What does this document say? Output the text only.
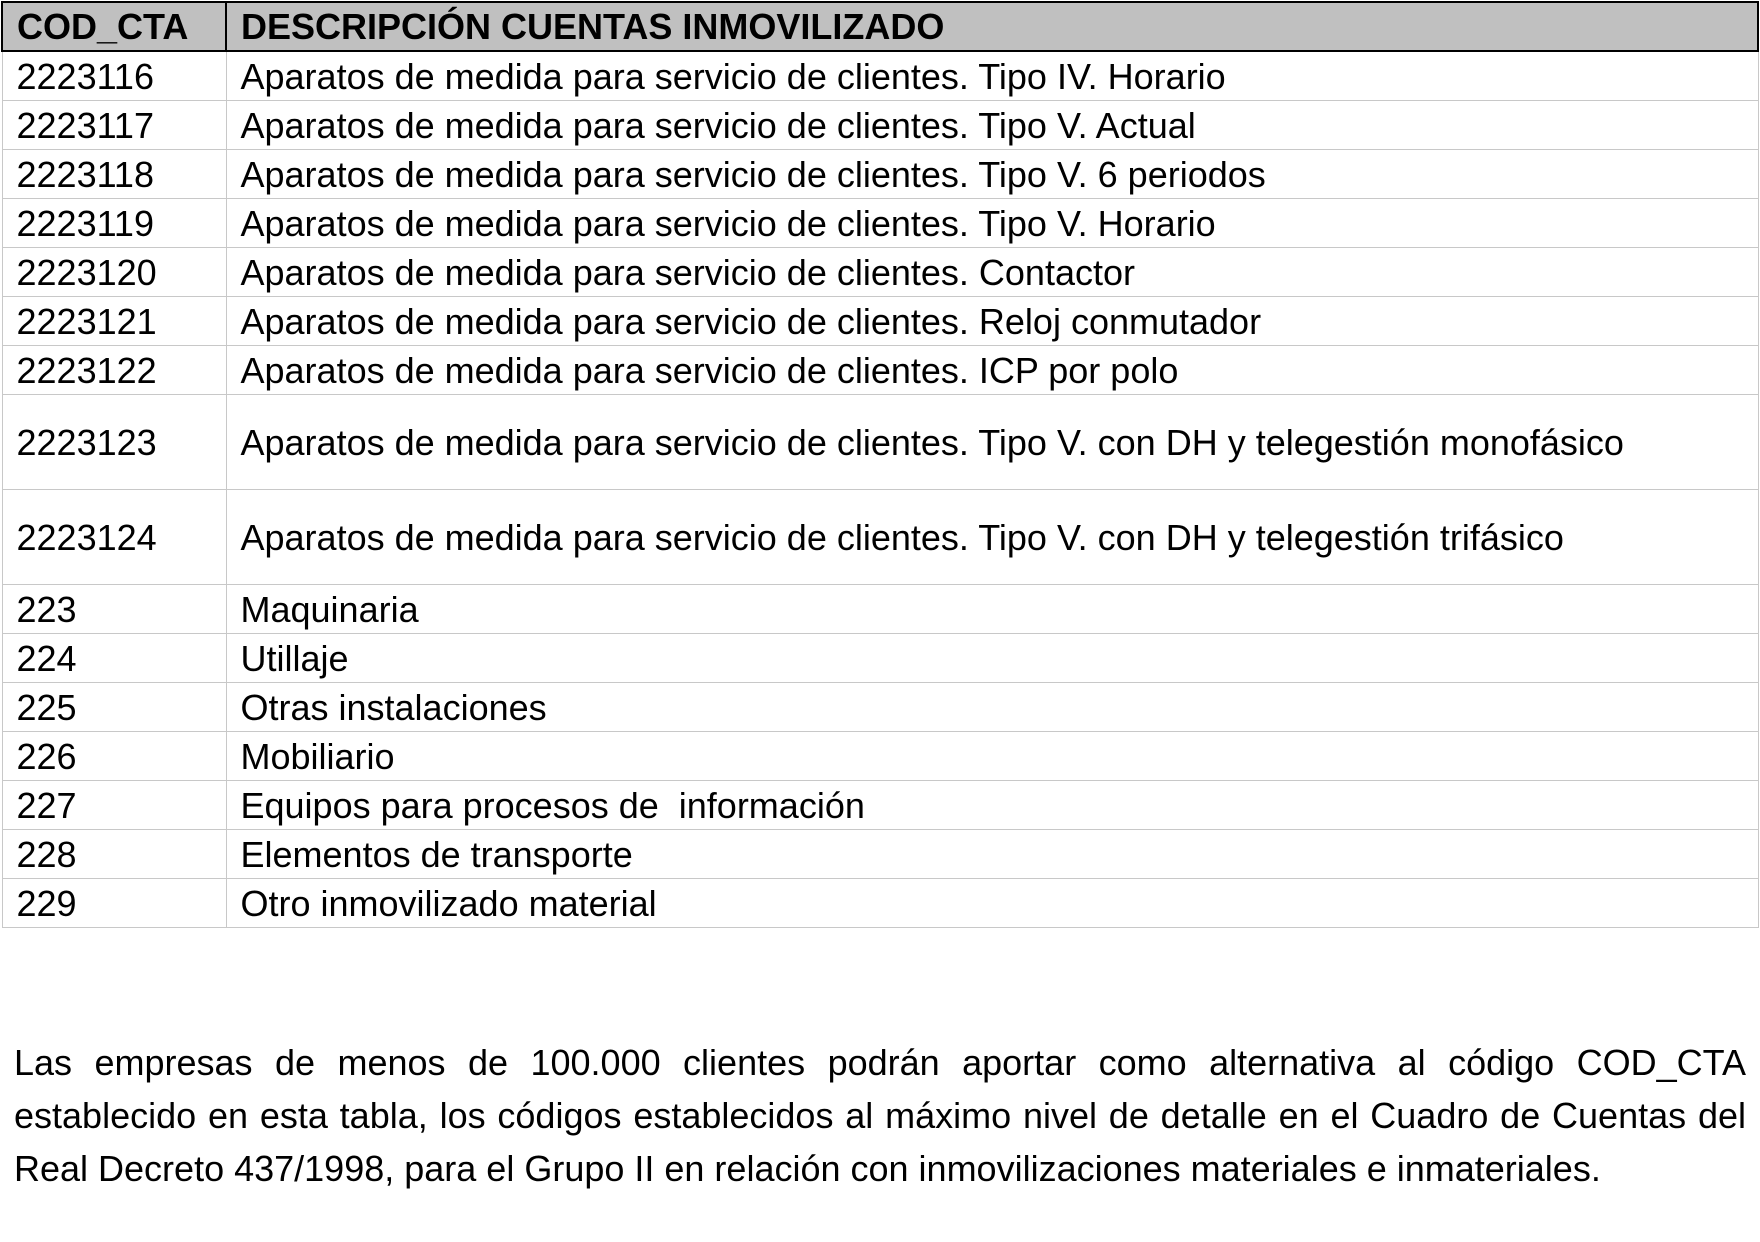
COD_CTA	DESCRIPCIÓN CUENTAS INMOVILIZADO
2223116	Aparatos de medida para servicio de clientes. Tipo IV. Horario
2223117	Aparatos de medida para servicio de clientes. Tipo V. Actual
2223118	Aparatos de medida para servicio de clientes. Tipo V. 6 periodos
2223119	Aparatos de medida para servicio de clientes. Tipo V. Horario
2223120	Aparatos de medida para servicio de clientes. Contactor
2223121	Aparatos de medida para servicio de clientes. Reloj conmutador
2223122	Aparatos de medida para servicio de clientes. ICP por polo
2223123	Aparatos de medida para servicio de clientes. Tipo V. con DH y telegestión monofásico
2223124	Aparatos de medida para servicio de clientes. Tipo V. con DH y telegestión trifásico
223	Maquinaria
224	Utillaje
225	Otras instalaciones
226	Mobiliario
227	Equipos para procesos de  información
228	Elementos de transporte
229	Otro inmovilizado material

Las empresas de menos de 100.000 clientes podrán aportar como alternativa al código COD_CTA establecido en esta tabla, los códigos establecidos al máximo nivel de detalle en el Cuadro de Cuentas del Real Decreto 437/1998, para el Grupo II en relación con inmovilizaciones materiales e inmateriales.
